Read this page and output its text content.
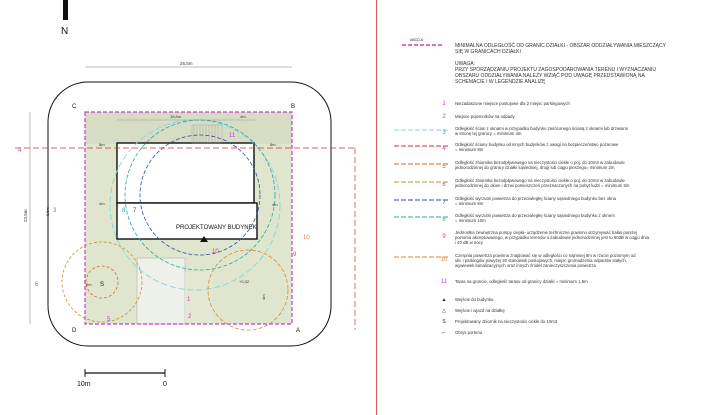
N
PROJEKTOWANY BUDYNEK
S
C	B
D	A
26,5m
23,5m
8m
16,5m	4m
8m
4m
4m
5m
4m
+0,32
5,5m
1
2
3
4
5
6
7
8
9
10
11
10
10m	0
ABCD-A
MINIMALNA ODLEGŁOŚĆ OD GRANIC DZIAŁKI - OBSZAR ODDZIAŁYWANIA MIESZCZĄCY
SIĘ W GRANICACH DZIAŁKI
UWAGA:
PRZY SPORZĄDZANIU PROJEKTU ZAGOSPODAROWANIA TERENU I WYZNACZANIU
OBSZARU ODDZIAŁYWANIA NALEŻY WZIĄĆ POD UWAGĘ PRZEDSTAWIONĄ NA
SCHEMACIE I W LEGENDZIE ANALIZĘ
1	Niezadaszone miejsce postojowe dla 2 miejsc parkingowych
2	Miejsce pojemników na odpady
3
Odległość ścian z oknami w przypadku budynku zwróconego ścianą z oknami lub drzwiami
w stronę tej granicy = minimum 4m
4
Odległość ściany budynku od innych budynków z uwagi na bezpieczeństwo pożarowe
= minimum 8m
5
Odległość zbiornika bezodpływowego na nieczystości ciekłe o poj. do 10m3 w zabudowie
jednorodzinnej do granicy działki sąsiedniej, drogi lub ciągu pieszego= minimum 2m
6
Odległość zbiornika bezodpływowego na nieczystości ciekłe o poj. do 10m3 w zabudowie
jednorodzinnej do okien i drzwi pomieszczeń przeznaczonych na pobyt ludzi = minimum 5m
7
Odległość wyrzutni powietrza do przeciwległej ściany sąsiedniego budynku bez okna
= minimum 8m
8
Odległość wyrzutni powietrza do przeciwległej ściany sąsiedniego budynku z oknem
= minimum 10m
9
Jednostka zewnętrzna pompy ciepła- urządzenie techniczne powinno utrzymywać hałas poniżej
poziomu akceptowanego, w przypadku terenów o zabudowie jednorodzinnej jest to 50dB w ciągu dnia
i 40 dB w nocy
10
Czerpnia powietrza powinna znajdować się w odległości co najmniej 8m w rzucie poziomym od
ulic i parkingów powyżej 20 stanowisk postojowych, miejsc gromadzenia odpadów stałych,
wywiewek kanalizacyjnych oraz innych źródeł zanieczyszczenia powietrza
11	Taras na gruncie, odległość tarasu od granicy działki = minimum 1,5m
▲	Wejście do budynku
△	Wejście i wjazd na działkę
S	Projektowany zbiornik na nieczystości ciekłe do 10m3
⌐	Obrys portenu
